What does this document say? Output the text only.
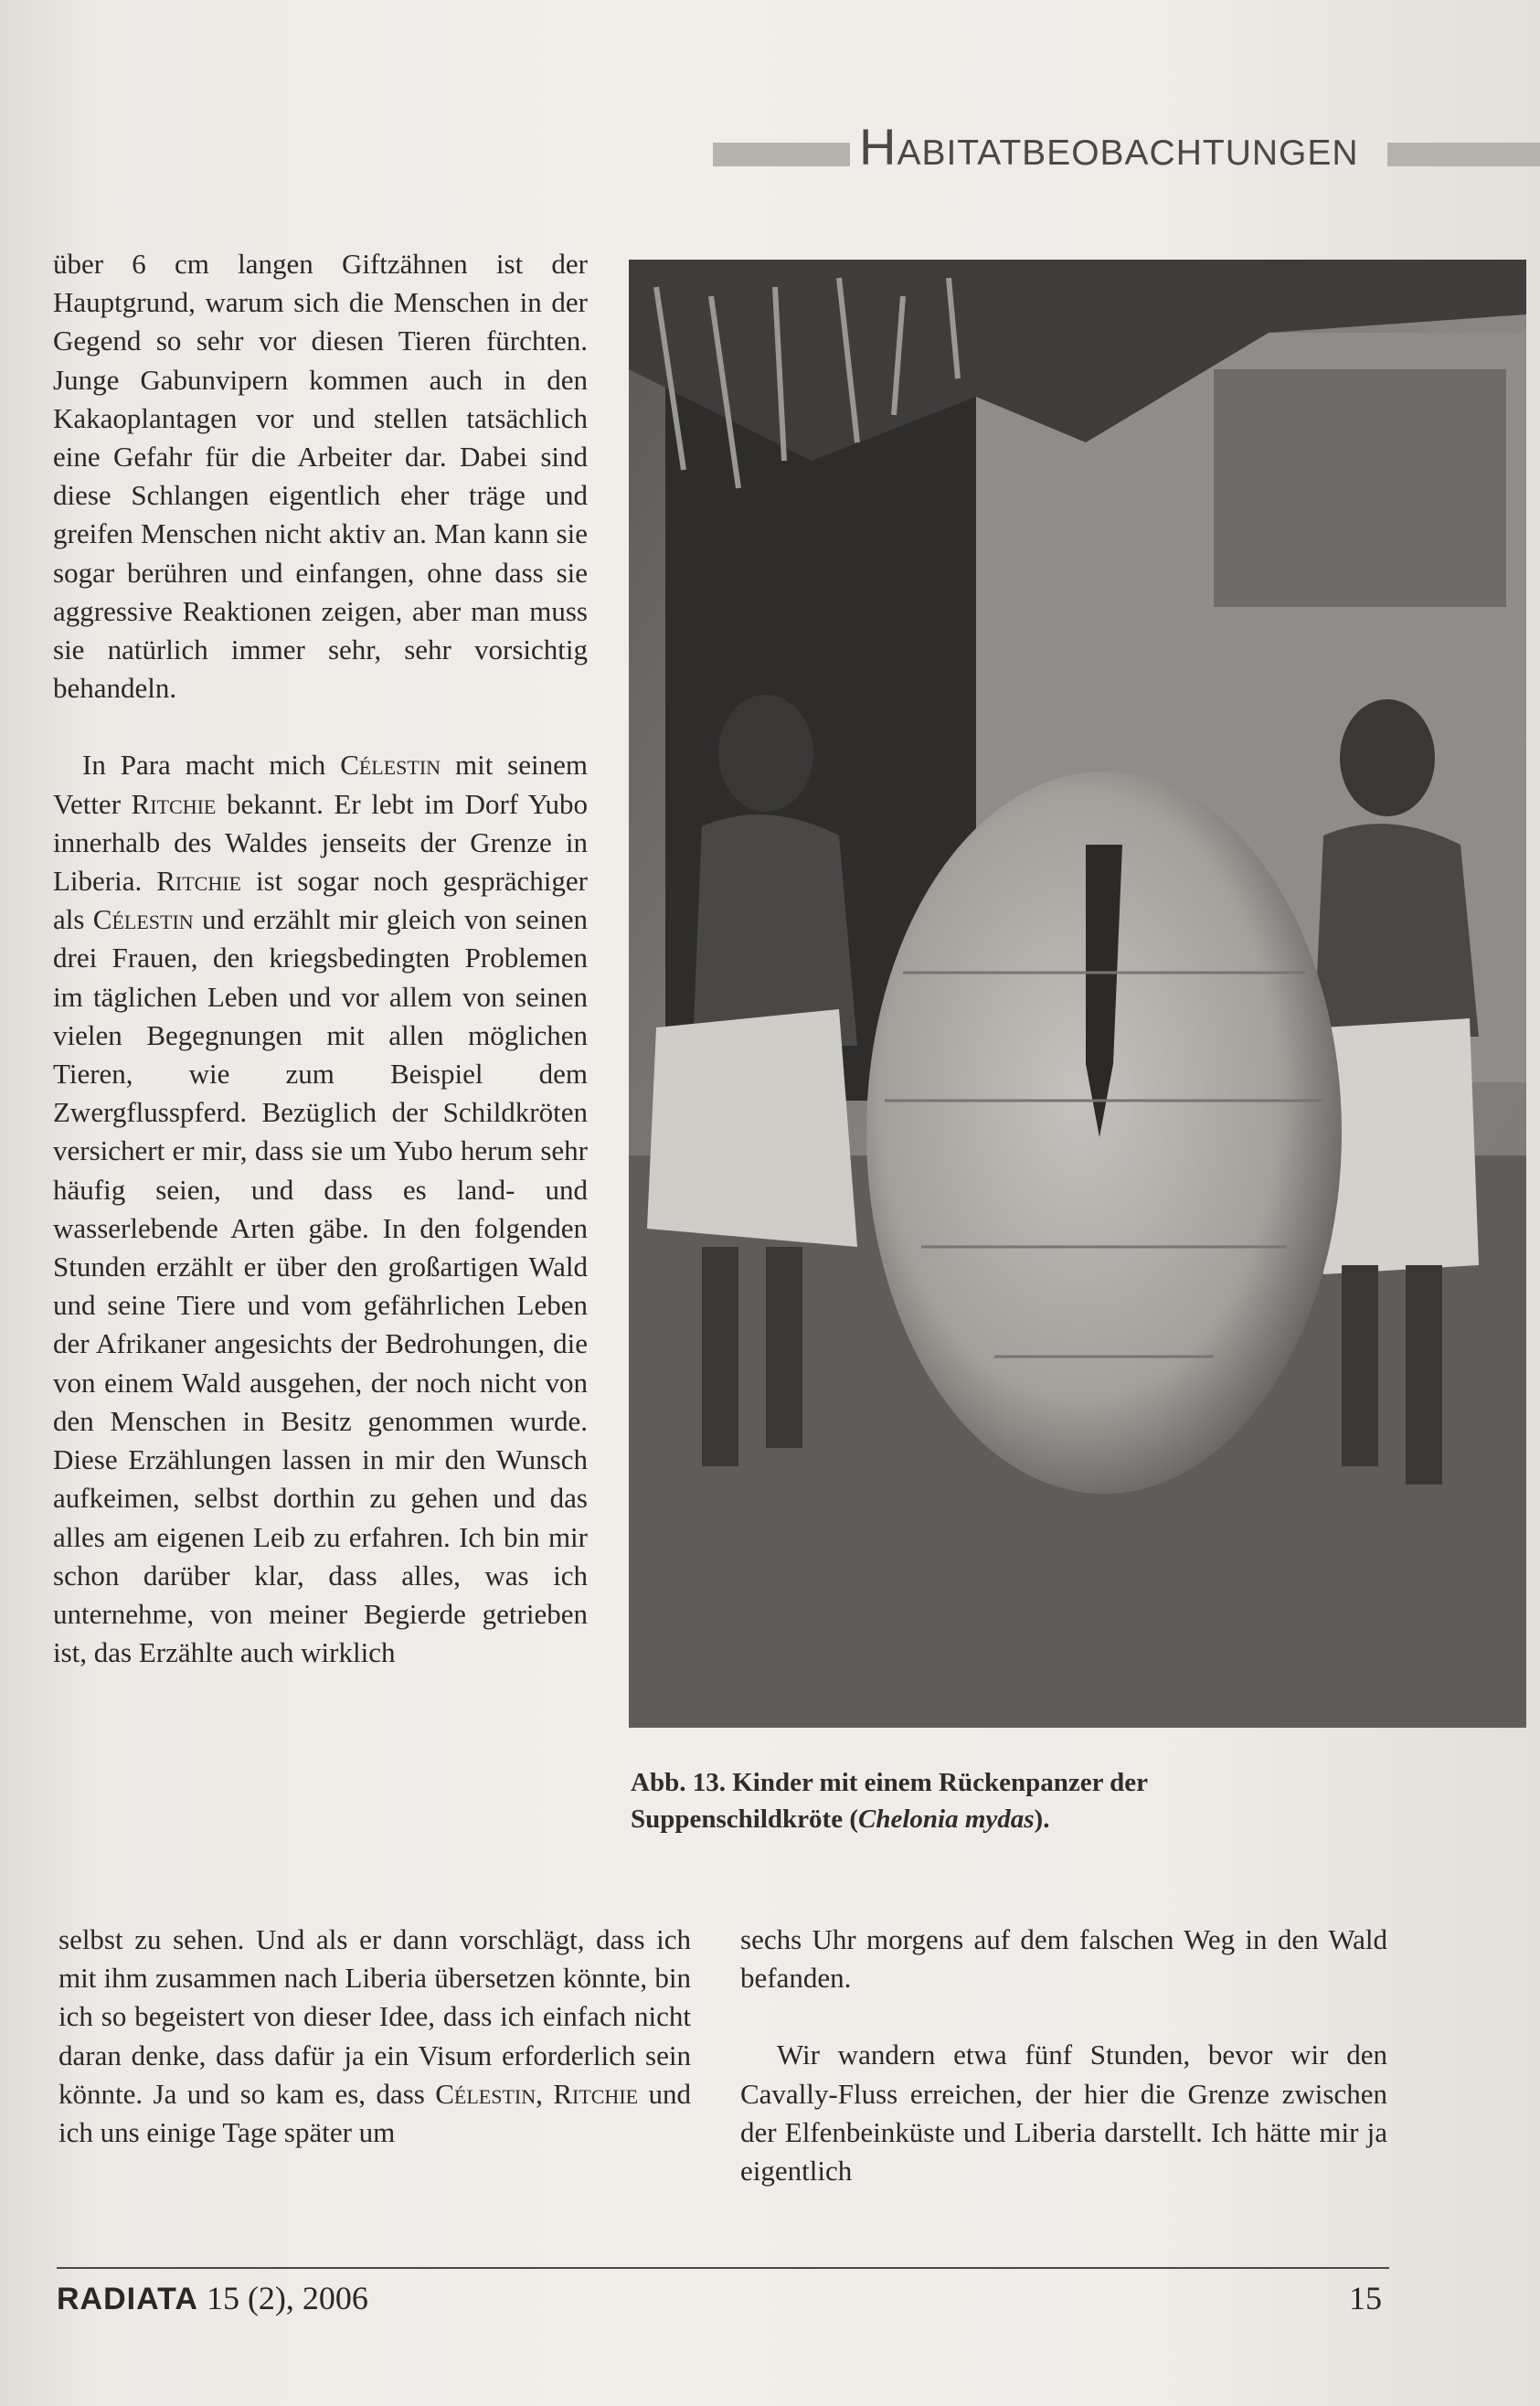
Habitatbeobachtungen

über 6 cm langen Giftzähnen ist der Hauptgrund, warum sich die Menschen in der Gegend so sehr vor diesen Tieren fürchten. Junge Gabunvipern kommen auch in den Kakaoplantagen vor und stellen tatsächlich eine Gefahr für die Arbeiter dar. Dabei sind diese Schlangen eigentlich eher träge und greifen Menschen nicht aktiv an. Man kann sie sogar berühren und einfangen, ohne dass sie aggressive Reaktionen zeigen, aber man muss sie natürlich immer sehr, sehr vorsichtig behandeln.

In Para macht mich Célestin mit seinem Vetter Ritchie bekannt. Er lebt im Dorf Yubo innerhalb des Waldes jenseits der Grenze in Liberia. Ritchie ist sogar noch gesprächiger als Célestin und erzählt mir gleich von seinen drei Frauen, den kriegsbedingten Problemen im täglichen Leben und vor allem von seinen vielen Begegnungen mit allen möglichen Tieren, wie zum Beispiel dem Zwergflusspferd. Bezüglich der Schildkröten versichert er mir, dass sie um Yubo herum sehr häufig seien, und dass es land- und wasserlebende Arten gäbe. In den folgenden Stunden erzählt er über den großartigen Wald und seine Tiere und vom gefährlichen Leben der Afrikaner angesichts der Bedrohungen, die von einem Wald ausgehen, der noch nicht von den Menschen in Besitz genommen wurde. Diese Erzählungen lassen in mir den Wunsch aufkeimen, selbst dorthin zu gehen und das alles am eigenen Leib zu erfahren. Ich bin mir schon darüber klar, dass alles, was ich unternehme, von meiner Begierde getrieben ist, das Erzählte auch wirklich

Abb. 13. Kinder mit einem Rückenpanzer der Suppenschildkröte (Chelonia mydas).

selbst zu sehen. Und als er dann vorschlägt, dass ich mit ihm zusammen nach Liberia übersetzen könnte, bin ich so begeistert von dieser Idee, dass ich einfach nicht daran denke, dass dafür ja ein Visum erforderlich sein könnte. Ja und so kam es, dass Célestin, Ritchie und ich uns einige Tage später um

sechs Uhr morgens auf dem falschen Weg in den Wald befanden.

Wir wandern etwa fünf Stunden, bevor wir den Cavally-Fluss erreichen, der hier die Grenze zwischen der Elfenbeinküste und Liberia darstellt. Ich hätte mir ja eigentlich

RADIATA 15 (2), 2006	15
